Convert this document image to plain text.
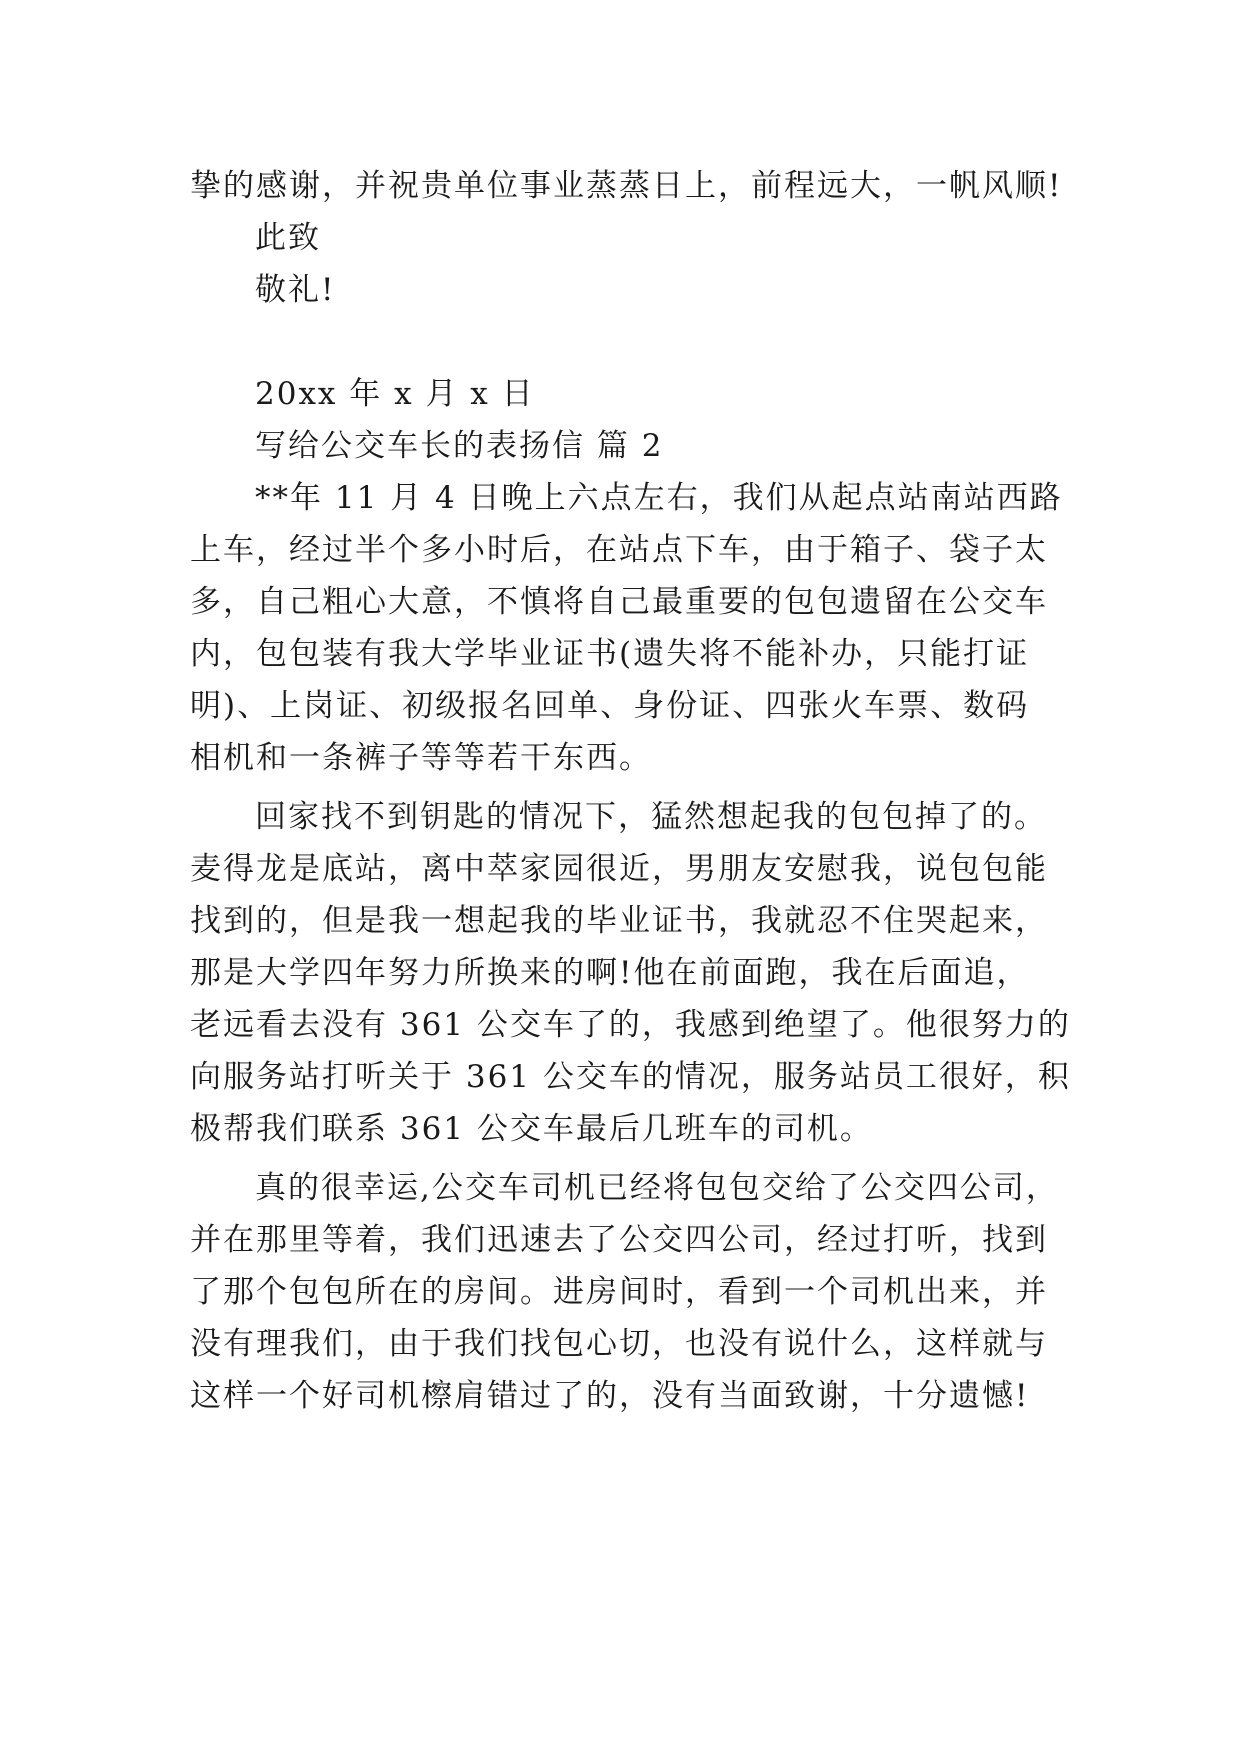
挚的感谢，并祝贵单位事业蒸蒸日上，前程远大，一帆风顺!
此致
敬礼!
20xx 年 x 月 x 日
写给公交车长的表扬信 篇 2
**年 11 月 4 日晚上六点左右，我们从起点站南站西路
上车，经过半个多小时后，在站点下车，由于箱子、袋子太
多，自己粗心大意，不慎将自己最重要的包包遗留在公交车
内，包包装有我大学毕业证书(遗失将不能补办，只能打证
明)、上岗证、初级报名回单、身份证、四张火车票、数码
相机和一条裤子等等若干东西。
回家找不到钥匙的情况下，猛然想起我的包包掉了的。
麦得龙是底站，离中萃家园很近，男朋友安慰我，说包包能
找到的，但是我一想起我的毕业证书，我就忍不住哭起来，
那是大学四年努力所换来的啊!他在前面跑，我在后面追，
老远看去没有 361 公交车了的，我感到绝望了。他很努力的
向服务站打听关于 361 公交车的情况，服务站员工很好，积
极帮我们联系 361 公交车最后几班车的司机。
真的很幸运,公交车司机已经将包包交给了公交四公司，
并在那里等着，我们迅速去了公交四公司，经过打听，找到
了那个包包所在的房间。进房间时，看到一个司机出来，并
没有理我们，由于我们找包心切，也没有说什么，这样就与
这样一个好司机檫肩错过了的，没有当面致谢，十分遗憾!
